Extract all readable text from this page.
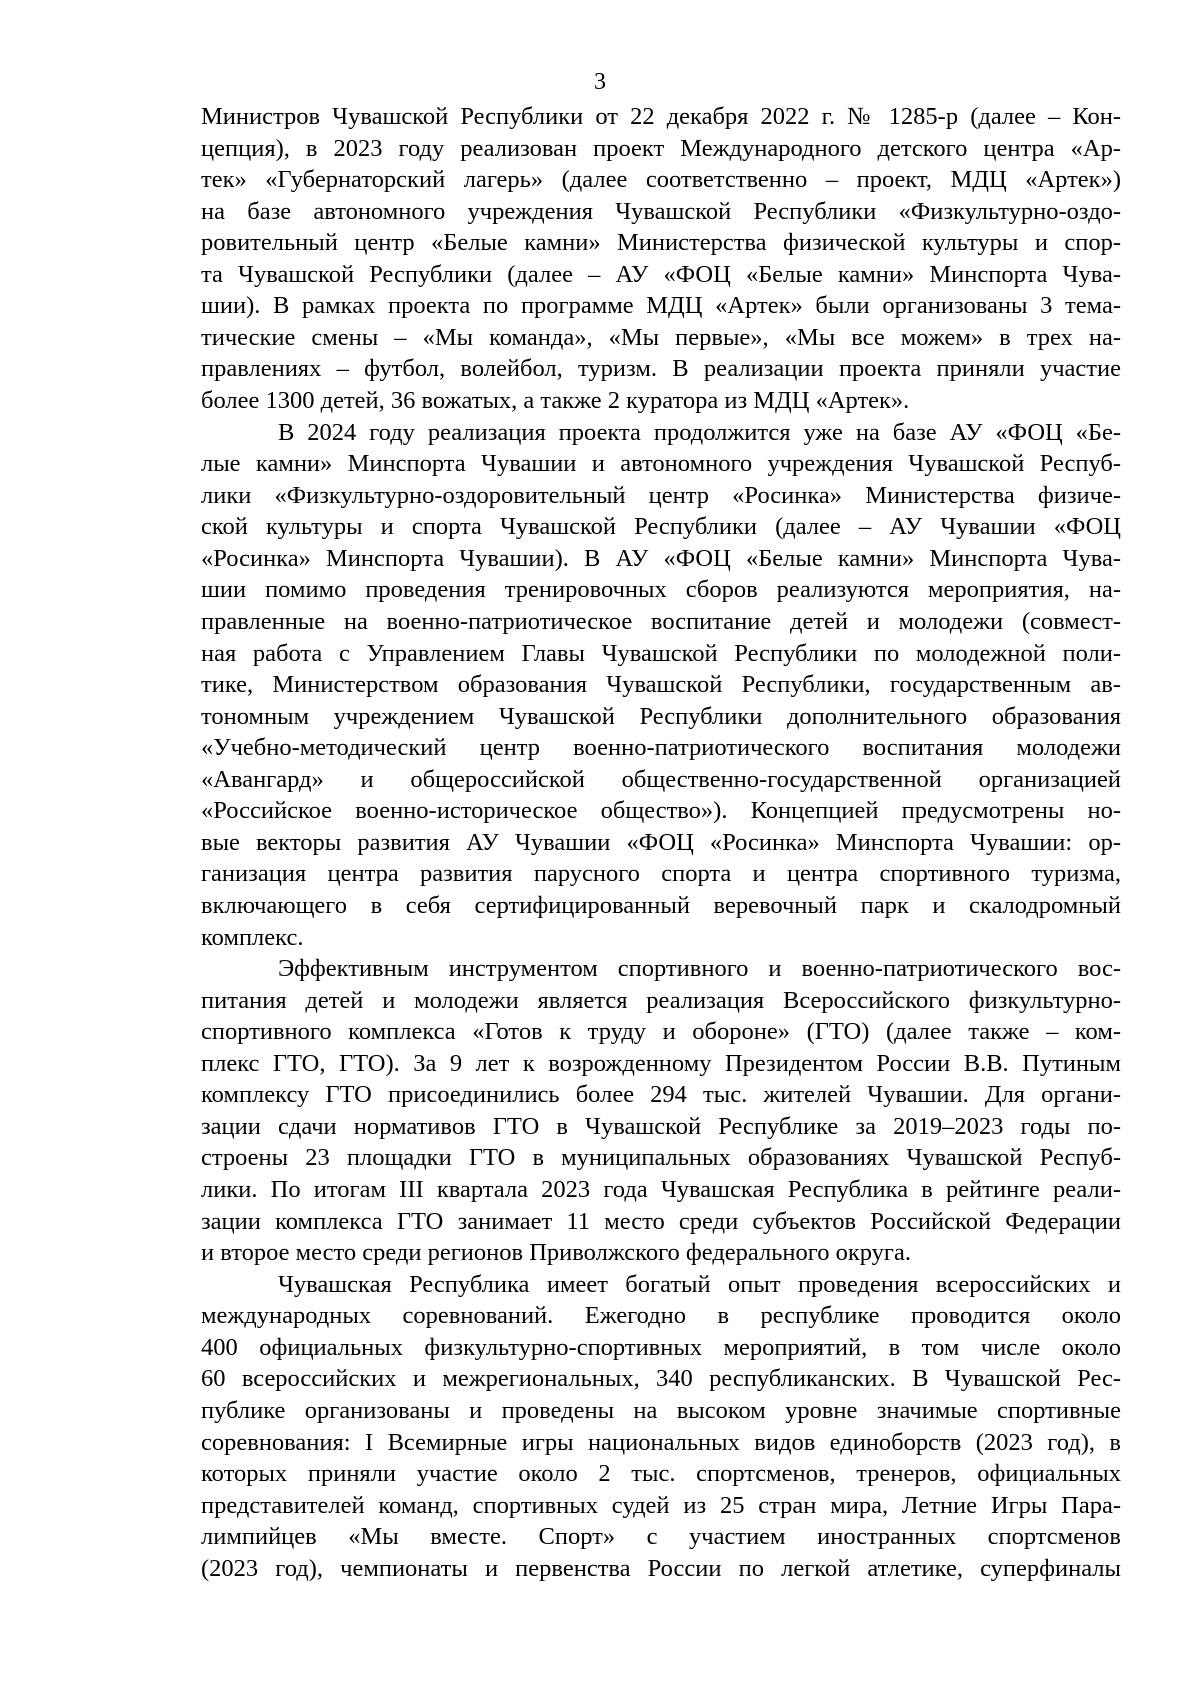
3
Министров Чувашской Республики от 22 декабря 2022 г. № 1285-р (далее – Кон-
цепция), в 2023 году реализован проект Международного детского центра «Ар-
тек» «Губернаторский лагерь» (далее соответственно – проект, МДЦ «Артек»)
на базе автономного учреждения Чувашской Республики «Физкультурно-оздо-
ровительный центр «Белые камни» Министерства физической культуры и спор-
та Чувашской Республики (далее – АУ «ФОЦ «Белые камни» Минспорта Чува-
шии). В рамках проекта по программе МДЦ «Артек» были организованы 3 тема-
тические смены – «Мы команда», «Мы первые», «Мы все можем» в трех на-
правлениях – футбол, волейбол, туризм. В реализации проекта приняли участие
более 1300 детей, 36 вожатых, а также 2 куратора из МДЦ «Артек».
В 2024 году реализация проекта продолжится уже на базе АУ «ФОЦ «Бе-
лые камни» Минспорта Чувашии и автономного учреждения Чувашской Респуб-
лики «Физкультурно-оздоровительный центр «Росинка» Министерства физиче-
ской культуры и спорта Чувашской Республики (далее – АУ Чувашии «ФОЦ
«Росинка» Минспорта Чувашии). В АУ «ФОЦ «Белые камни» Минспорта Чува-
шии помимо проведения тренировочных сборов реализуются мероприятия, на-
правленные на военно-патриотическое воспитание детей и молодежи (совмест-
ная работа с Управлением Главы Чувашской Республики по молодежной поли-
тике, Министерством образования Чувашской Республики, государственным ав-
тономным учреждением Чувашской Республики дополнительного образования
«Учебно-методический центр военно-патриотического воспитания молодежи
«Авангард» и общероссийской общественно-государственной организацией
«Российское военно-историческое общество»). Концепцией предусмотрены но-
вые векторы развития АУ Чувашии «ФОЦ «Росинка» Минспорта Чувашии: ор-
ганизация центра развития парусного спорта и центра спортивного туризма,
включающего в себя сертифицированный веревочный парк и скалодромный
комплекс.
Эффективным инструментом спортивного и военно-патриотического вос-
питания детей и молодежи является реализация Всероссийского физкультурно-
спортивного комплекса «Готов к труду и обороне» (ГТО) (далее также – ком-
плекс ГТО, ГТО). За 9 лет к возрожденному Президентом России В.В. Путиным
комплексу ГТО присоединились более 294 тыс. жителей Чувашии. Для органи-
зации сдачи нормативов ГТО в Чувашской Республике за 2019–2023 годы по-
строены 23 площадки ГТО в муниципальных образованиях Чувашской Респуб-
лики. По итогам III квартала 2023 года Чувашская Республика в рейтинге реали-
зации комплекса ГТО занимает 11 место среди субъектов Российской Федерации
и второе место среди регионов Приволжского федерального округа.
Чувашская Республика имеет богатый опыт проведения всероссийских и
международных соревнований. Ежегодно в республике проводится около
400 официальных физкультурно-спортивных мероприятий, в том числе около
60 всероссийских и межрегиональных, 340 республиканских. В Чувашской Рес-
публике организованы и проведены на высоком уровне значимые спортивные
соревнования: I Всемирные игры национальных видов единоборств (2023 год), в
которых приняли участие около 2 тыс. спортсменов, тренеров, официальных
представителей команд, спортивных судей из 25 стран мира, Летние Игры Пара-
лимпийцев «Мы вместе. Спорт» с участием иностранных спортсменов
(2023 год), чемпионаты и первенства России по легкой атлетике, суперфиналы
